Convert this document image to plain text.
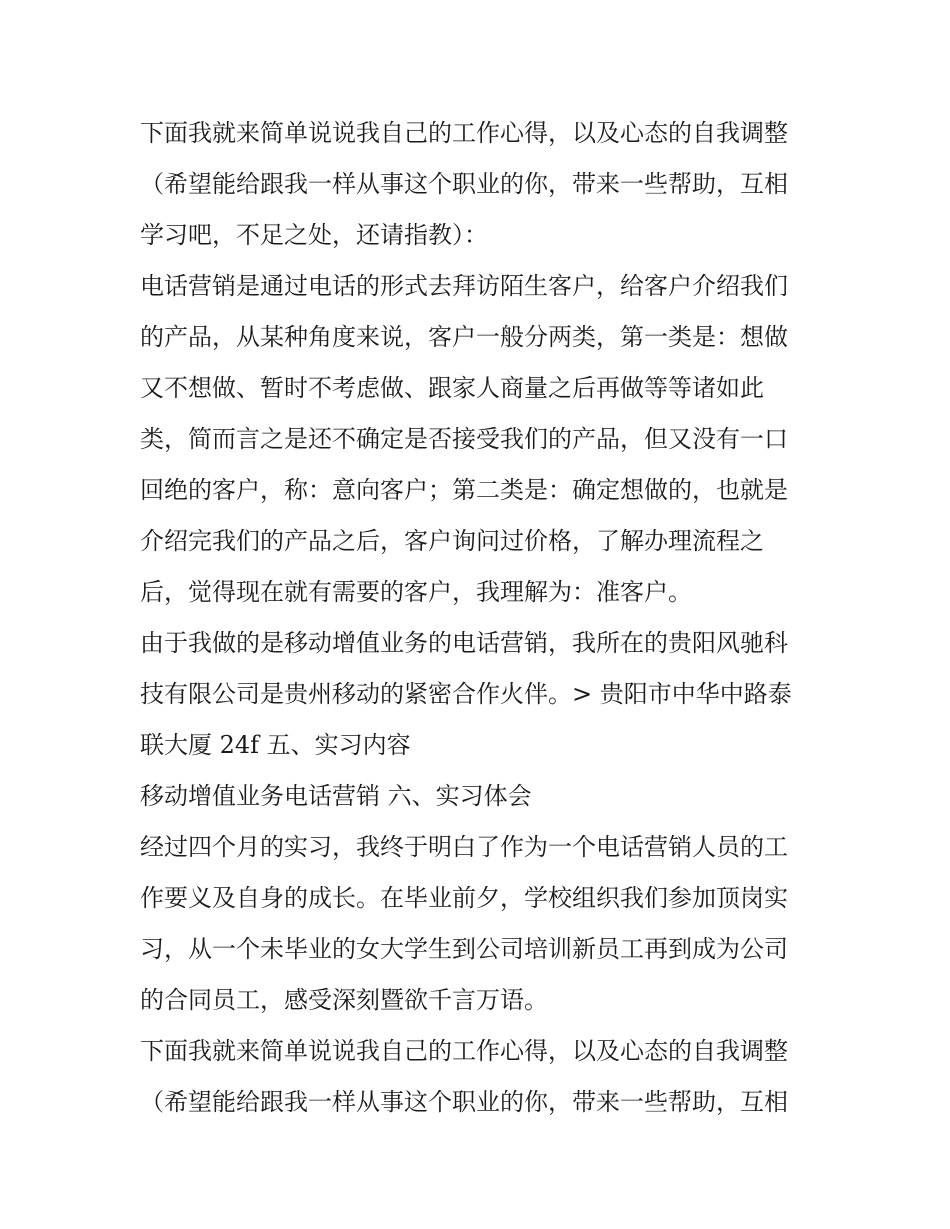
下面我就来简单说说我自己的工作心得，以及心态的自我调整
（希望能给跟我一样从事这个职业的你，带来一些帮助，互相
学习吧，不足之处，还请指教）：
电话营销是通过电话的形式去拜访陌生客户，给客户介绍我们
的产品，从某种角度来说，客户一般分两类，第一类是：想做
又不想做、暂时不考虑做、跟家人商量之后再做等等诸如此
类，简而言之是还不确定是否接受我们的产品，但又没有一口
回绝的客户，称：意向客户；第二类是：确定想做的，也就是
介绍完我们的产品之后，客户询问过价格，了解办理流程之
后，觉得现在就有需要的客户，我理解为：准客户。
由于我做的是移动增值业务的电话营销，我所在的贵阳风驰科
技有限公司是贵州移动的紧密合作火伴。> 贵阳市中华中路泰
联大厦 24f 五、实习内容
移动增值业务电话营销 六、实习体会
经过四个月的实习，我终于明白了作为一个电话营销人员的工
作要义及自身的成长。在毕业前夕，学校组织我们参加顶岗实
习，从一个未毕业的女大学生到公司培训新员工再到成为公司
的合同员工，感受深刻暨欲千言万语。
下面我就来简单说说我自己的工作心得，以及心态的自我调整
（希望能给跟我一样从事这个职业的你，带来一些帮助，互相
